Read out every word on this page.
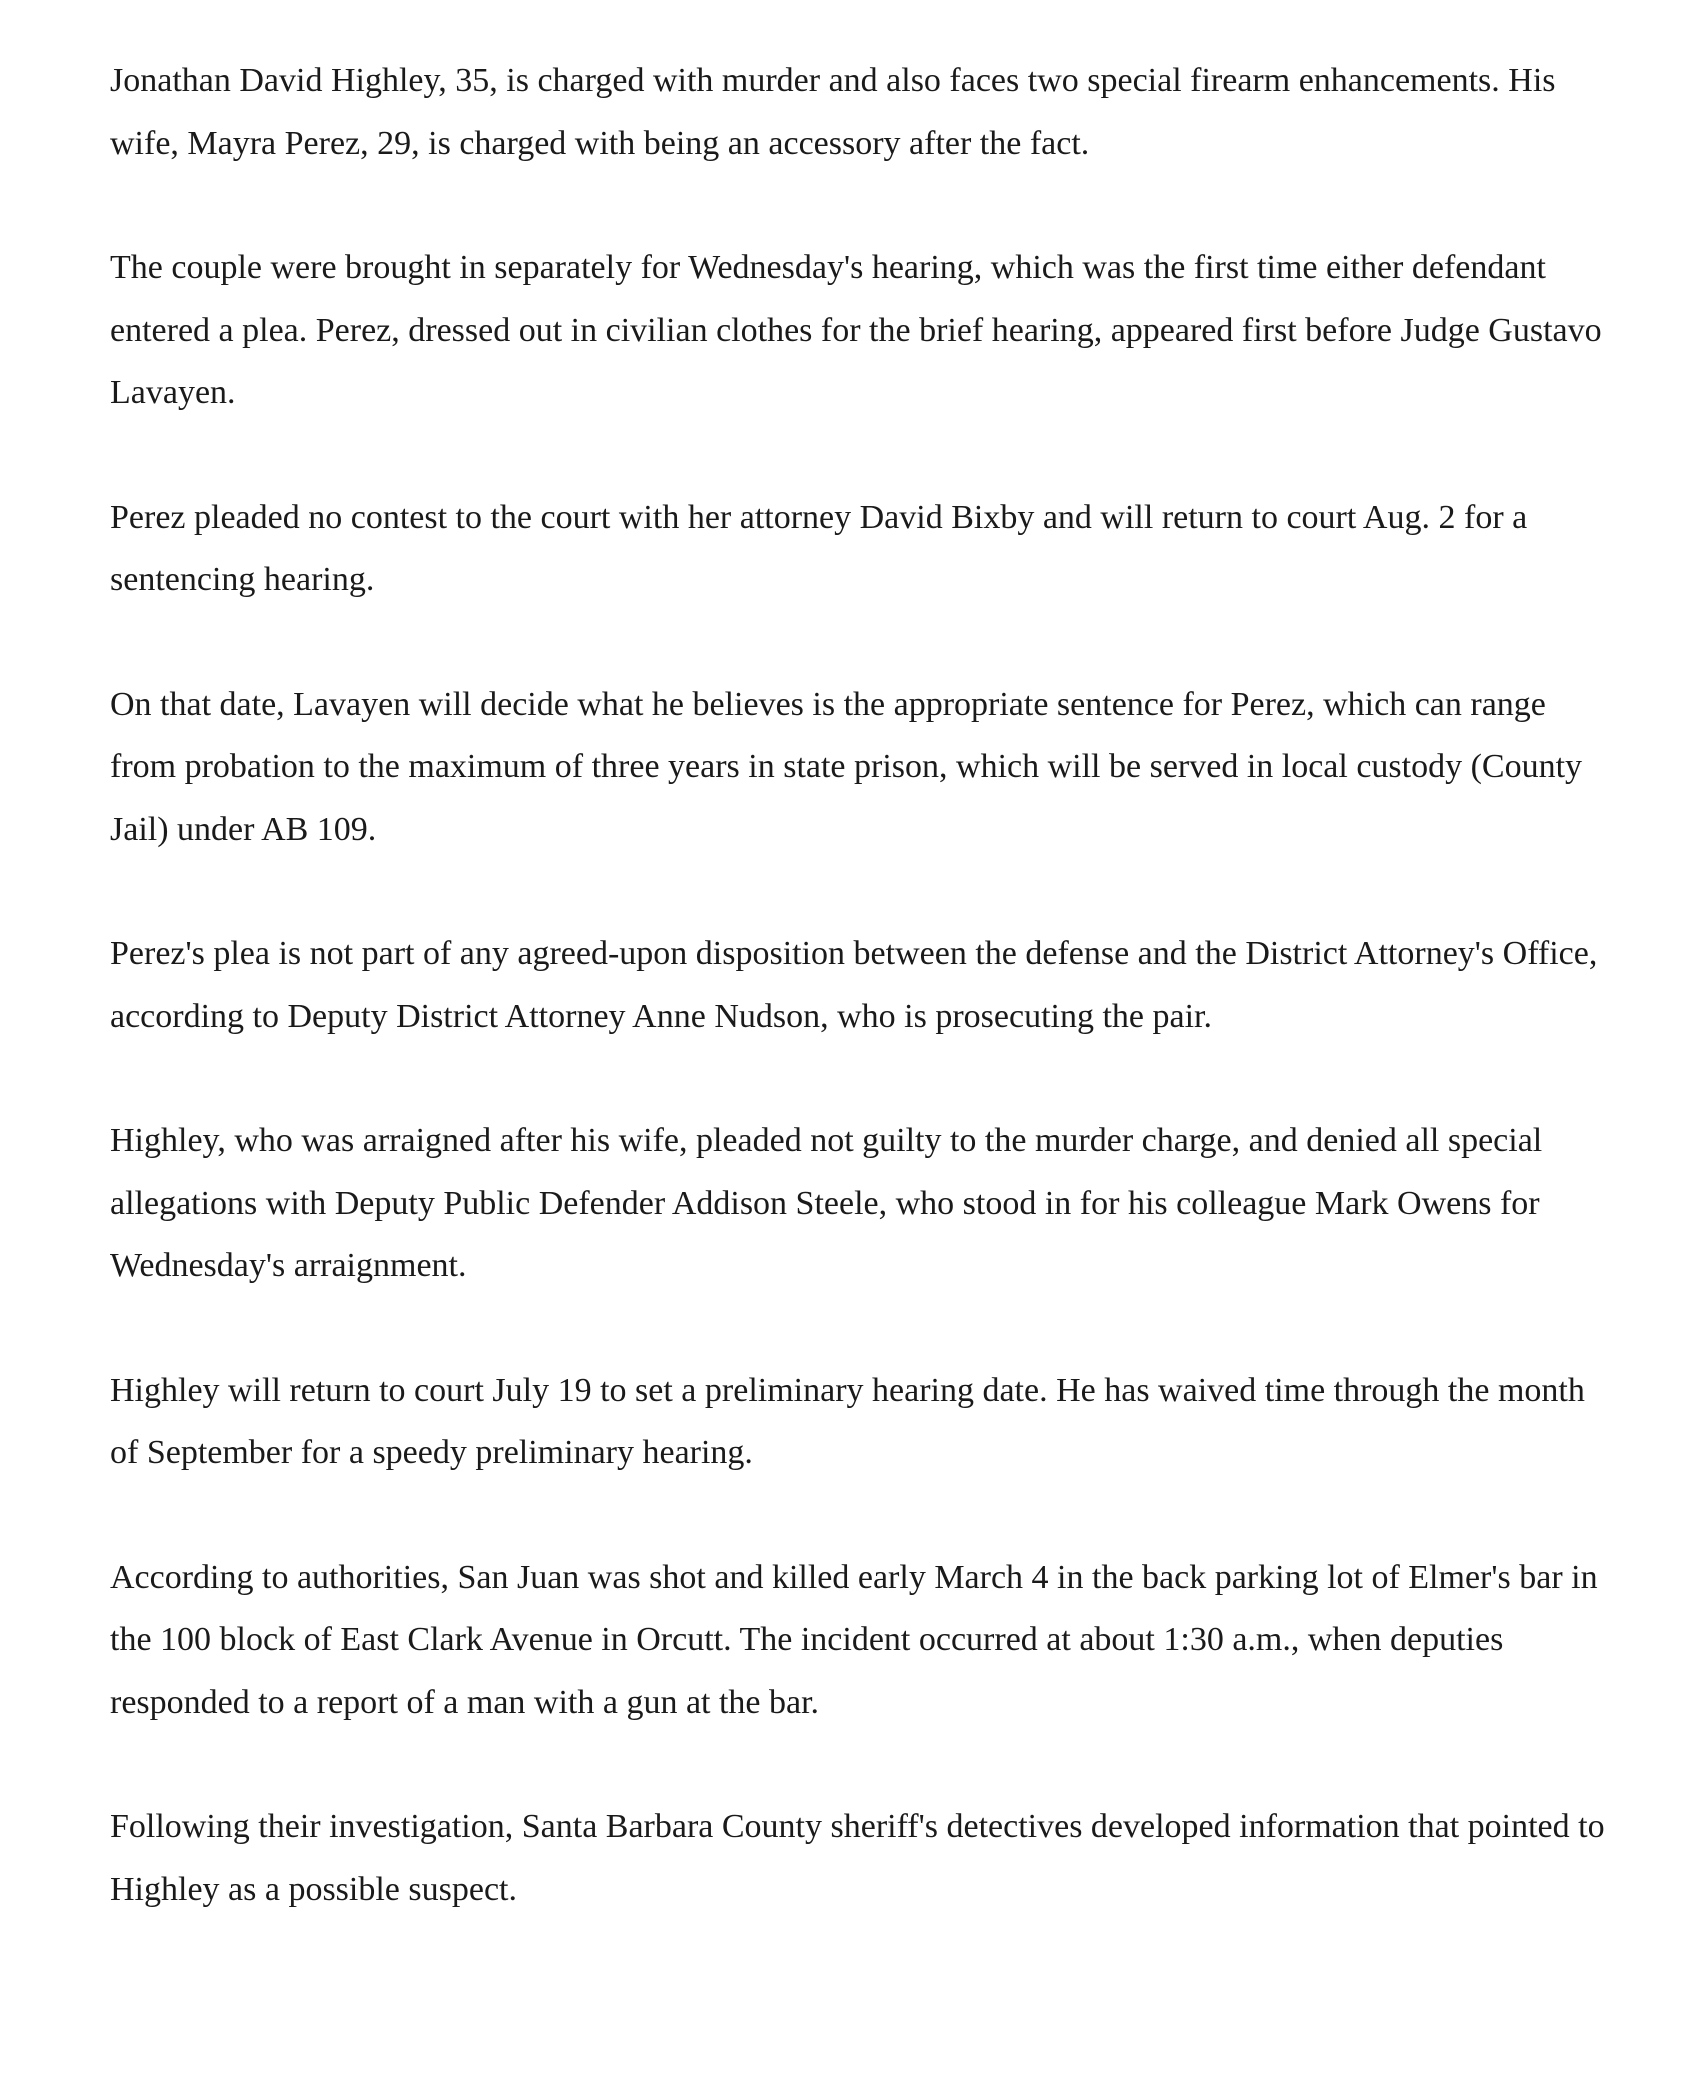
Jonathan David Highley, 35, is charged with murder and also faces two special firearm enhancements. His wife, Mayra Perez, 29, is charged with being an accessory after the fact.

The couple were brought in separately for Wednesday's hearing, which was the first time either defendant entered a plea. Perez, dressed out in civilian clothes for the brief hearing, appeared first before Judge Gustavo Lavayen.

Perez pleaded no contest to the court with her attorney David Bixby and will return to court Aug. 2 for a sentencing hearing.

On that date, Lavayen will decide what he believes is the appropriate sentence for Perez, which can range from probation to the maximum of three years in state prison, which will be served in local custody (County Jail) under AB 109.

Perez's plea is not part of any agreed-upon disposition between the defense and the District Attorney's Office, according to Deputy District Attorney Anne Nudson, who is prosecuting the pair.

Highley, who was arraigned after his wife, pleaded not guilty to the murder charge, and denied all special allegations with Deputy Public Defender Addison Steele, who stood in for his colleague Mark Owens for Wednesday's arraignment.

Highley will return to court July 19 to set a preliminary hearing date. He has waived time through the month of September for a speedy preliminary hearing.

According to authorities, San Juan was shot and killed early March 4 in the back parking lot of Elmer's bar in the 100 block of East Clark Avenue in Orcutt. The incident occurred at about 1:30 a.m., when deputies responded to a report of a man with a gun at the bar.

Following their investigation, Santa Barbara County sheriff's detectives developed information that pointed to Highley as a possible suspect.
